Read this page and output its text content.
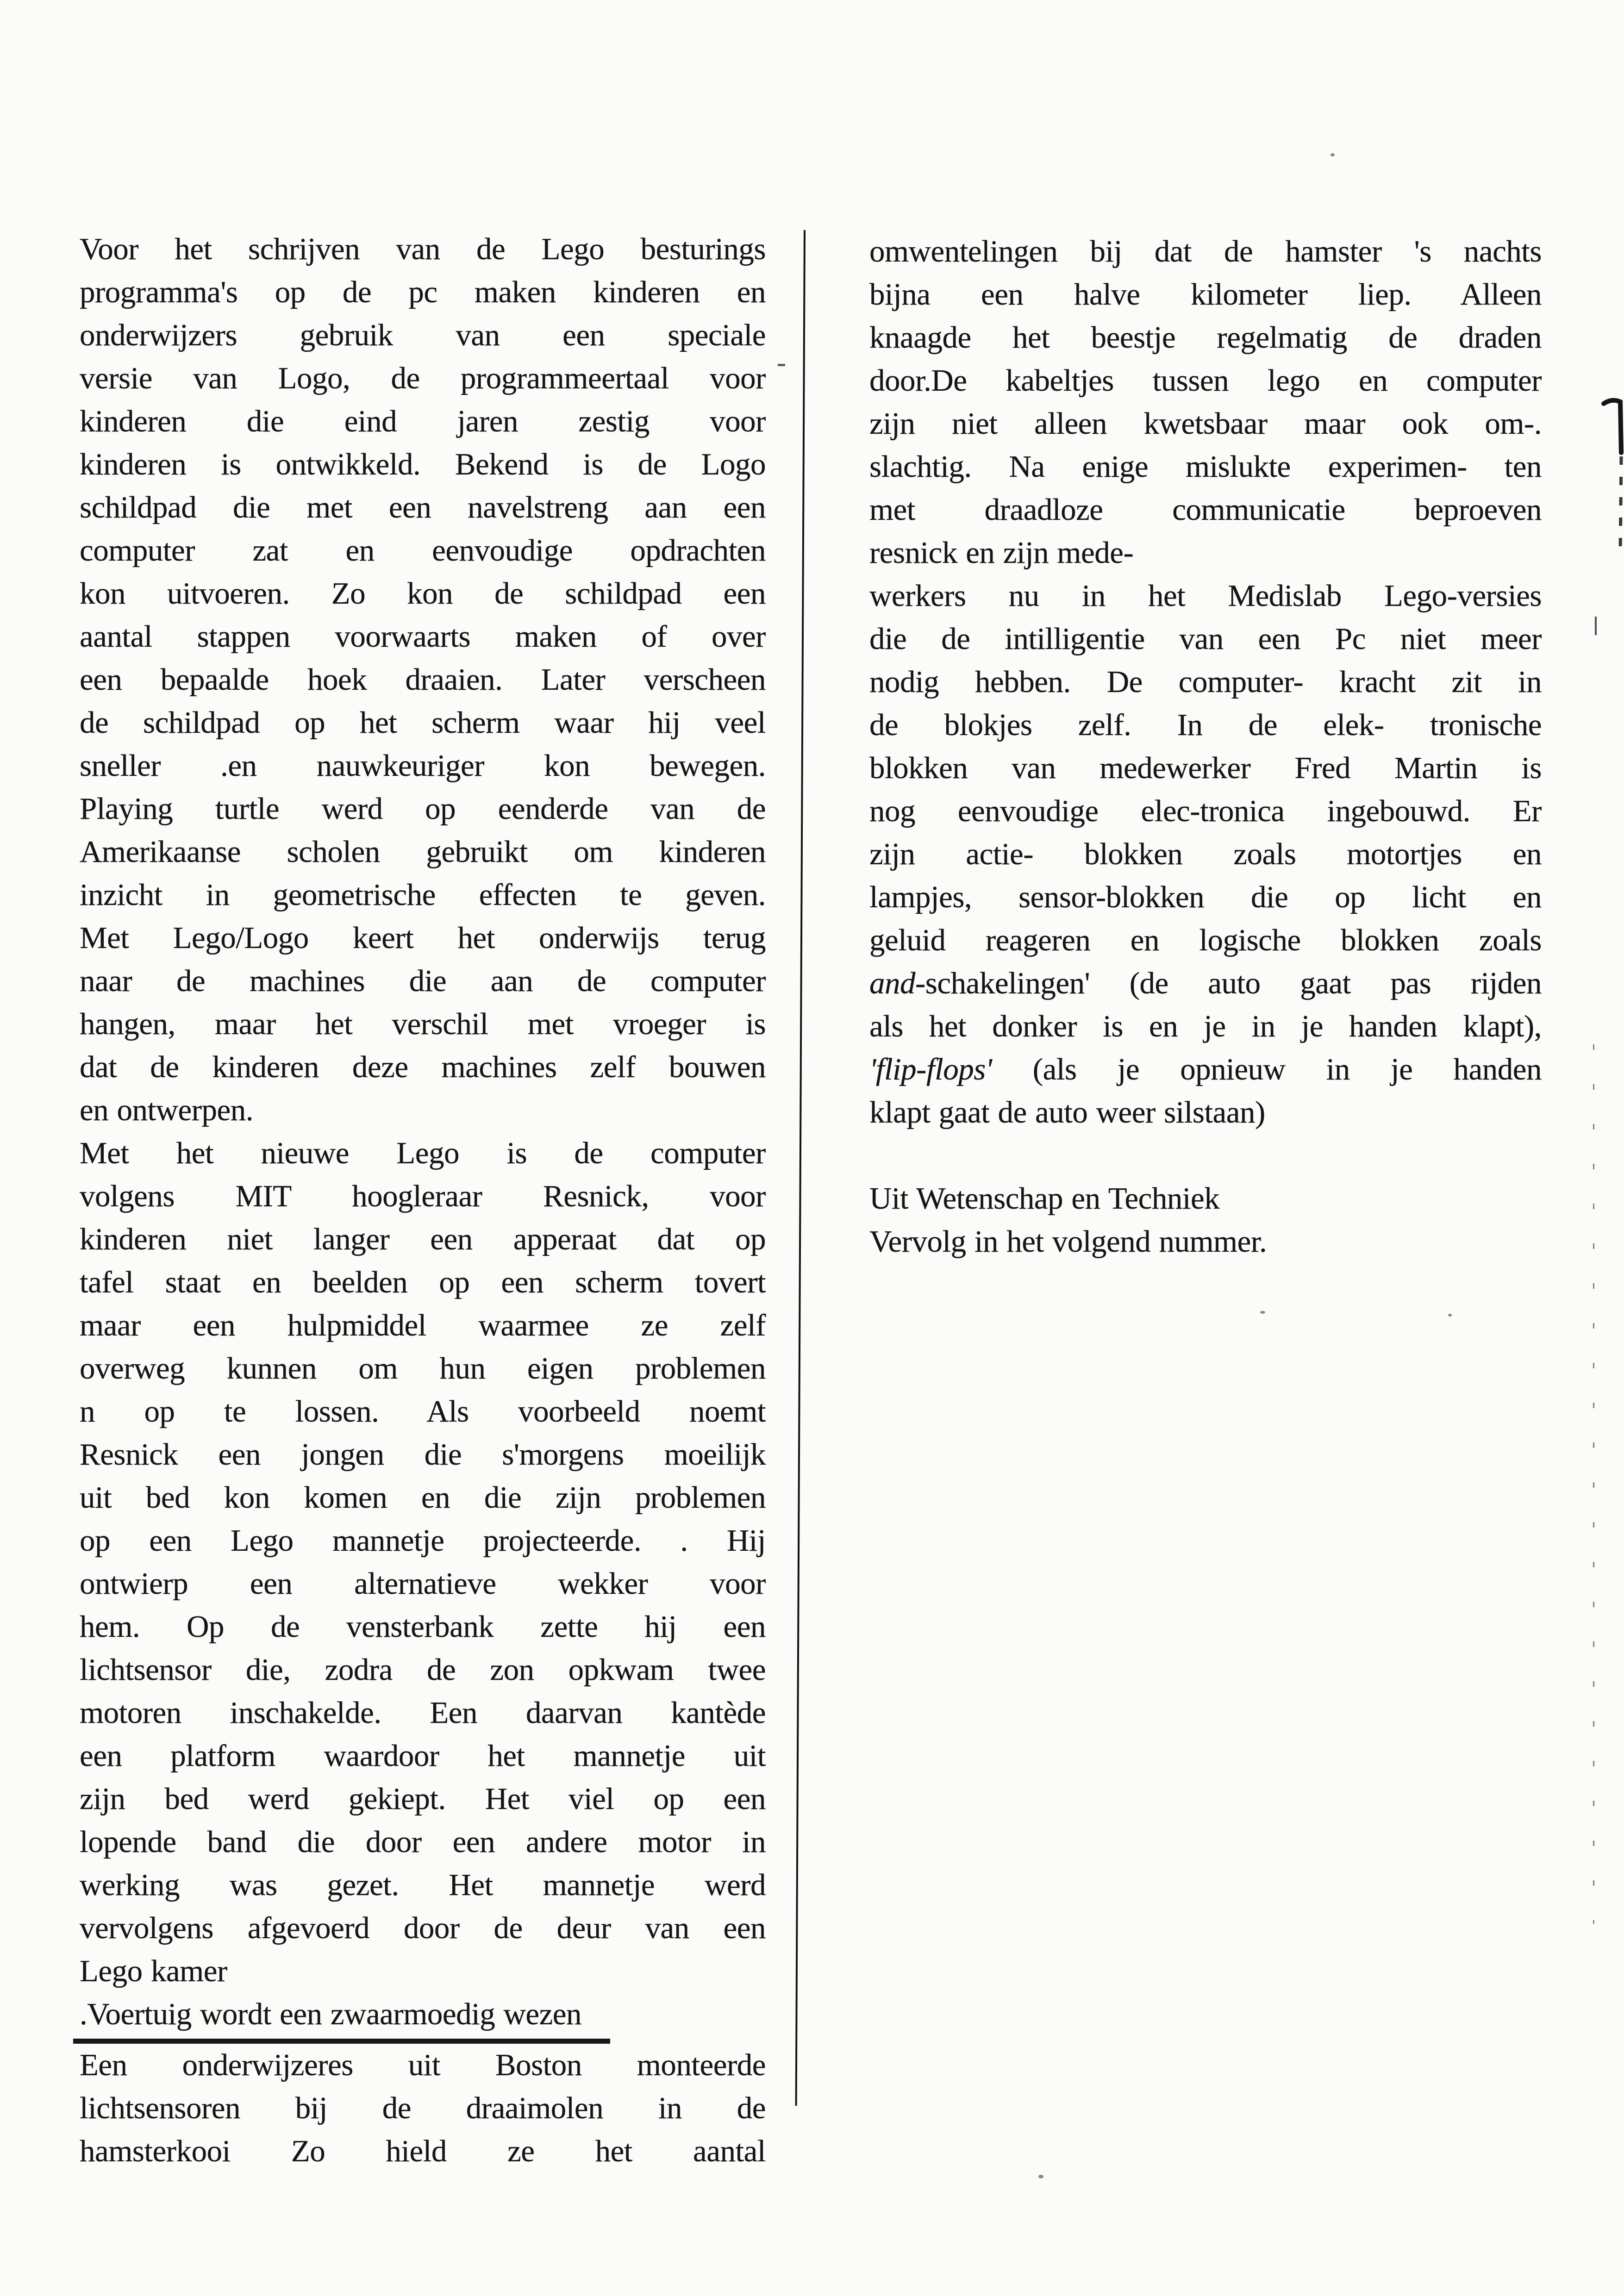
Voor het schrijven van de Lego besturings
programma's op de pc maken kinderen en
onderwijzers gebruik van een speciale
versie van Logo, de programmeertaal voor
kinderen die eind jaren zestig voor
kinderen is ontwikkeld. Bekend is de Logo
schildpad die met een navelstreng aan een
computer zat en eenvoudige opdrachten
kon uitvoeren. Zo kon de schildpad een
aantal stappen voorwaarts maken of over
een bepaalde hoek draaien. Later verscheen
de schildpad op het scherm waar hij veel
sneller .en nauwkeuriger kon bewegen.
Playing turtle werd op eenderde van de
Amerikaanse scholen gebruikt om kinderen
inzicht in geometrische effecten te geven.
Met Lego/Logo keert het onderwijs terug
naar de machines die aan de computer
hangen, maar het verschil met vroeger is
dat de kinderen deze machines zelf bouwen
en ontwerpen.
Met het nieuwe Lego is de computer
volgens MIT hoogleraar Resnick, voor
kinderen niet langer een apperaat dat op
tafel staat en beelden op een scherm tovert
maar een hulpmiddel waarmee ze zelf
overweg kunnen om hun eigen problemen
n op te lossen. Als voorbeeld noemt
Resnick een jongen die s'morgens moeilijk
uit bed kon komen en die zijn problemen
op een Lego mannetje projecteerde. . Hij
ontwierp een alternatieve wekker voor
hem. Op de vensterbank zette hij een
lichtsensor die, zodra de zon opkwam twee
motoren inschakelde. Een daarvan kantède
een platform waardoor het mannetje uit
zijn bed werd gekiept. Het viel op een
lopende band die door een andere motor in
werking was gezet. Het mannetje werd
vervolgens afgevoerd door de deur van een
Lego kamer
.Voertuig wordt een zwaarmoedig wezen
Een onderwijzeres uit Boston monteerde
lichtsensoren bij de draaimolen in de
hamsterkooi Zo hield ze het aantal
omwentelingen bij dat de hamster 's nachts
bijna een halve kilometer liep. Alleen
knaagde het beestje regelmatig de draden
door.De kabeltjes tussen lego en computer
zijn niet alleen kwetsbaar maar ook om-.
slachtig. Na enige mislukte experimen- ten
met draadloze communicatie beproeven
resnick en zijn mede-
werkers nu in het Medislab Lego-versies
die de intilligentie van een Pc niet meer
nodig hebben. De computer- kracht zit in
de blokjes zelf. In de elek- tronische
blokken van medewerker Fred Martin is
nog eenvoudige elec-tronica ingebouwd. Er
zijn actie- blokken zoals motortjes en
lampjes, sensor-blokken die op licht en
geluid reageren en logische blokken zoals
and-schakelingen' (de auto gaat pas rijden
als het donker is en je in je handen klapt),
'flip-flops' (als je opnieuw in je handen
klapt gaat de auto weer silstaan)

Uit Wetenschap en Techniek
Vervolg in het volgend nummer.
